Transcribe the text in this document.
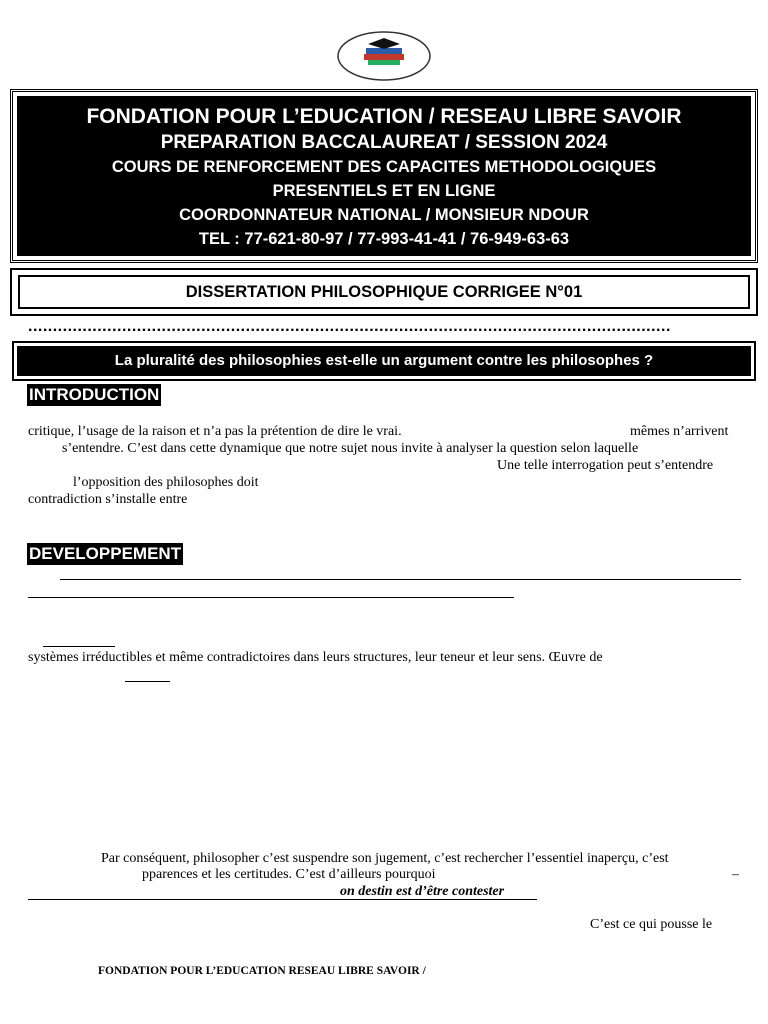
FONDATION POUR L’EDUCATION / RESEAU LIBRE SAVOIR
PREPARATION BACCALAUREAT / SESSION 2024
COURS DE RENFORCEMENT DES CAPACITES METHODOLOGIQUES
PRESENTIELS ET EN LIGNE
COORDONNATEUR NATIONAL / MONSIEUR NDOUR
TEL : 77-621-80-97 / 77-993-41-41 / 76-949-63-63
DISSERTATION PHILOSOPHIQUE CORRIGEE N°01
..................................................................................................................................
La pluralité des philosophies est-elle un argument contre les philosophes ?
INTRODUCTION
critique, l’usage de la raison et n’a pas la prétention de dire le vrai.	mêmes n’arrivent
s’entendre. C’est dans cette dynamique que notre sujet nous invite à analyser la question selon laquelle
Une telle interrogation peut s’entendre
l’opposition des philosophes doit
contradiction s’installe entre
DEVELOPPEMENT
systèmes irréductibles et même contradictoires dans leurs structures, leur teneur et leur sens. Œuvre de
Par conséquent, philosopher c’est suspendre son jugement, c’est rechercher l’essentiel inaperçu, c’est
pparences et les certitudes. C’est d’ailleurs pourquoi	–
on destin est d’être contester
C’est ce qui pousse le
FONDATION POUR L’EDUCATION RESEAU LIBRE SAVOIR /
